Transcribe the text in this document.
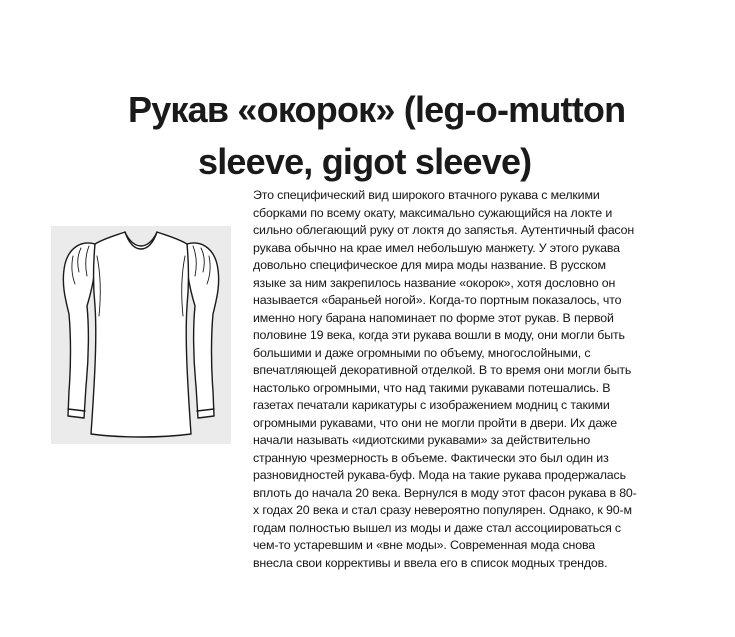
Рукав «окорок» (leg-o-mutton
sleeve, gigot sleeve)
Это специфический вид широкого втачного рукава с мелкими
сборками по всему окату, максимально сужающийся на локте и
сильно облегающий руку от локтя до запястья. Аутентичный фасон
рукава обычно на крае имел небольшую манжету. У этого рукава
довольно специфическое для мира моды название. В русском
языке за ним закрепилось название «окорок», хотя дословно он
называется «бараньей ногой». Когда-то портным показалось, что
именно ногу барана напоминает по форме этот рукав. В первой
половине 19 века, когда эти рукава вошли в моду, они могли быть
большими и даже огромными по объему, многослойными, с
впечатляющей декоративной отделкой. В то время они могли быть
настолько огромными, что над такими рукавами потешались. В
газетах печатали карикатуры с изображением модниц с такими
огромными рукавами, что они не могли пройти в двери. Их даже
начали называть «идиотскими рукавами» за действительно
странную чрезмерность в объеме. Фактически это был один из
разновидностей рукава-буф. Мода на такие рукава продержалась
вплоть до начала 20 века. Вернулся в моду этот фасон рукава в 80-
х годах 20 века и стал сразу невероятно популярен. Однако, к 90-м
годам полностью вышел из моды и даже стал ассоциироваться с
чем-то устаревшим и «вне моды». Современная мода снова
внесла свои коррективы и ввела его в список модных трендов.
